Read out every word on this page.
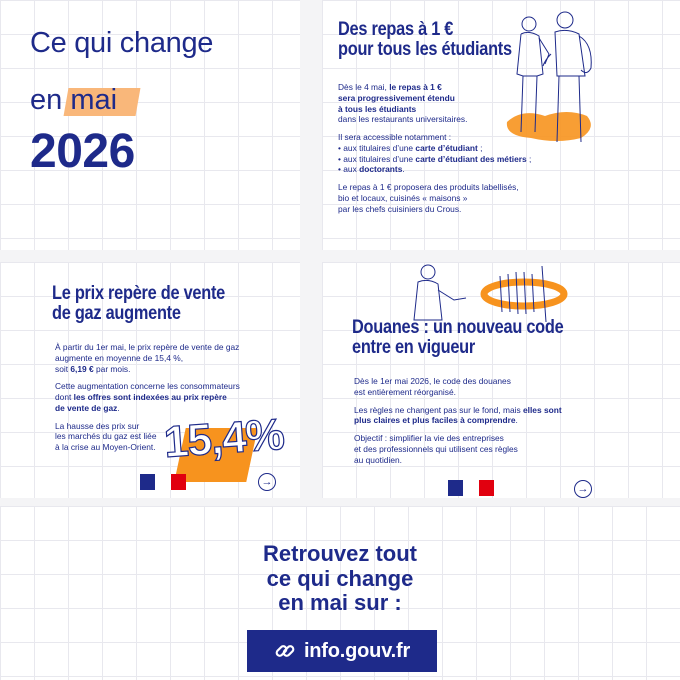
Ce qui change
en mai
2026
Des repas à 1 €
pour tous les étudiants

Dès le 4 mai, le repas à 1 €

sera progressivement étendu

à tous les étudiants

dans les restaurants universitaires.

Il sera accessible notamment :

• aux titulaires d’une carte d’étudiant ;
• aux titulaires d’une carte d’étudiant des métiers ;
• aux doctorants.

Le repas à 1 € proposera des produits labellisés,

bio et locaux, cuisinés « maisons »

par les chefs cuisiniers du Crous.

Le prix repère de vente
de gaz augmente

À partir du 1er mai, le prix repère de vente de gaz

augmente en moyenne de 15,4 %,

soit 6,19 € par mois.

Cette augmentation concerne les consommateurs

dont les offres sont indexées au prix repère

de vente de gaz.

La hausse des prix sur

les marchés du gaz est liée

à la crise au Moyen-Orient. 15,4%
→
Douanes : un nouveau code
entre en vigueur

Dès le 1er mai 2026, le code des douanes

est entièrement réorganisé.

Les règles ne changent pas sur le fond, mais elles sont

plus claires et plus faciles à comprendre.

Objectif : simplifier la vie des entreprises

et des professionnels qui utilisent ces règles

au quotidien.

→
Retrouvez tout
ce qui change
en mai sur :
info.gouv.fr
